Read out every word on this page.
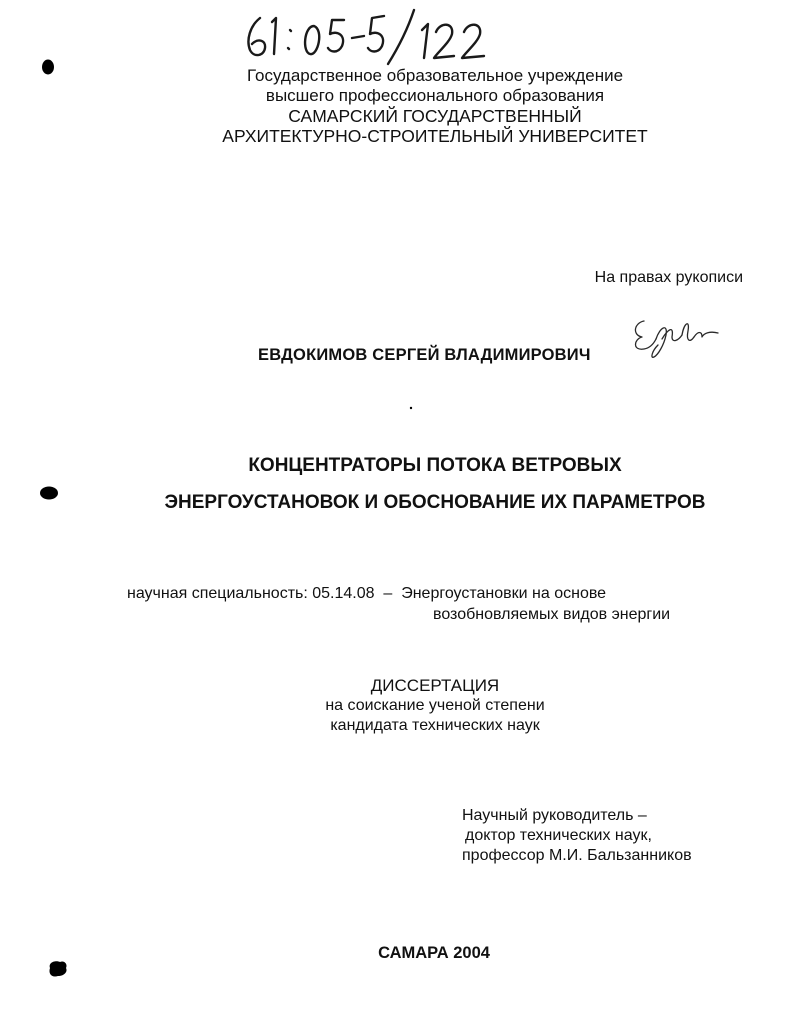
Государственное образовательное учреждение
высшего профессионального образования
САМАРСКИЙ ГОСУДАРСТВЕННЫЙ
АРХИТЕКТУРНО-СТРОИТЕЛЬНЫЙ УНИВЕРСИТЕТ
На правах рукописи
ЕВДОКИМОВ СЕРГЕЙ ВЛАДИМИРОВИЧ
КОНЦЕНТРАТОРЫ ПОТОКА ВЕТРОВЫХ
ЭНЕРГОУСТАНОВОК И ОБОСНОВАНИЕ ИХ ПАРАМЕТРОВ
научная специальность: 05.14.08  –  Энергоустановки на основе
возобновляемых видов энергии
ДИССЕРТАЦИЯ
на соискание ученой степени
кандидата технических наук
Научный руководитель –
доктор технических наук,
профессор М.И. Бальзанников
САМАРА 2004
